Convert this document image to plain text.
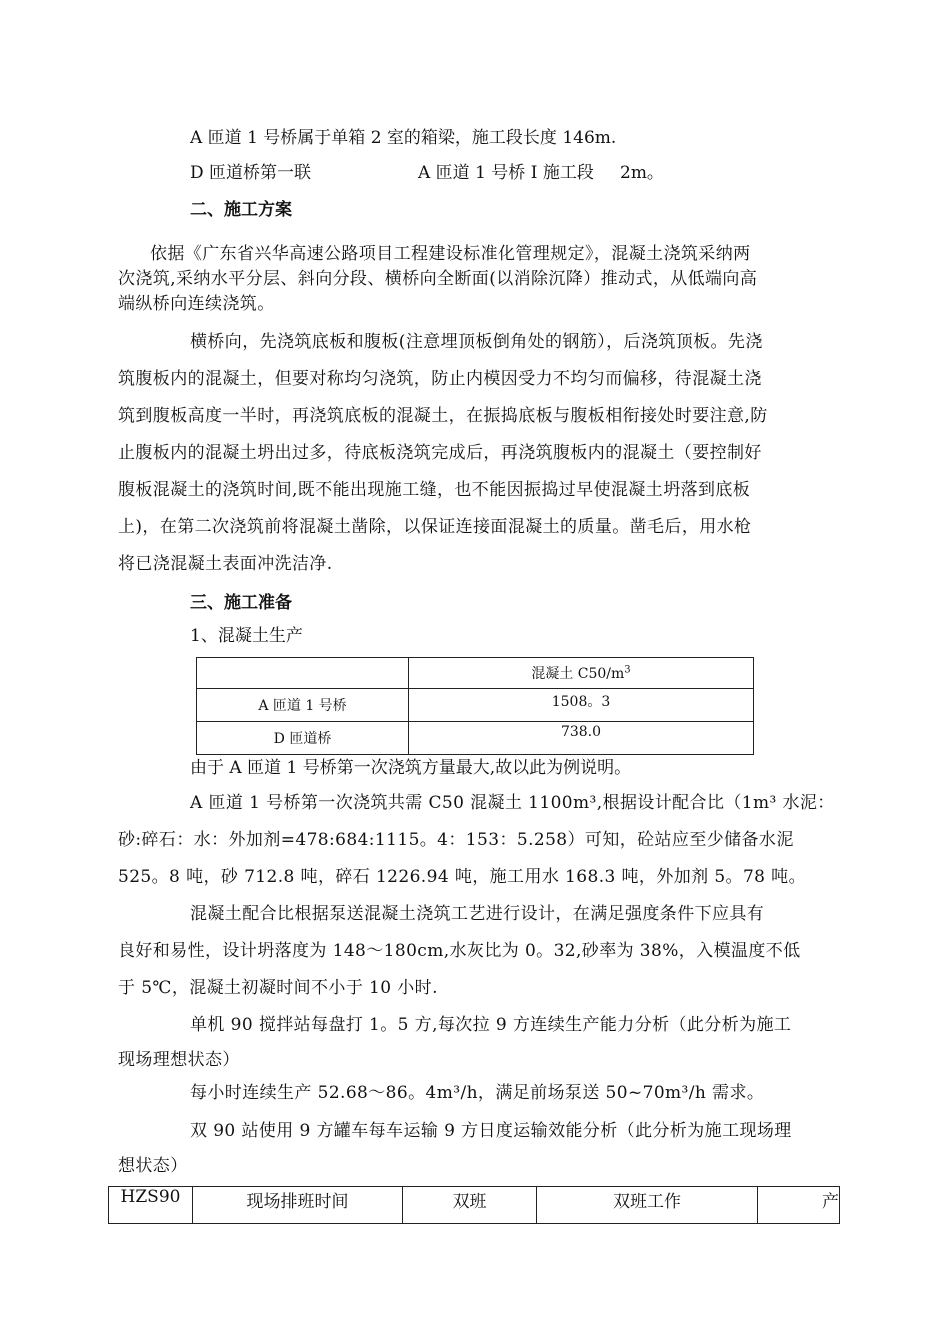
A 匝道 1 号桥属于单箱 2 室的箱梁，施工段长度 146m.
D 匝道桥第一联	A 匝道 1 号桥 Ⅰ 施工段 2m。
二、施工方案
依据《广东省兴华高速公路项目工程建设标准化管理规定》，混凝土浇筑采纳两
次浇筑,采纳水平分层、斜向分段、横桥向全断面(以消除沉降）推动式，从低端向高
端纵桥向连续浇筑。
横桥向，先浇筑底板和腹板(注意埋顶板倒角处的钢筋），后浇筑顶板。先浇
筑腹板内的混凝土，但要对称均匀浇筑，防止内模因受力不均匀而偏移，待混凝土浇
筑到腹板高度一半时，再浇筑底板的混凝土，在振捣底板与腹板相衔接处时要注意,防
止腹板内的混凝土坍出过多，待底板浇筑完成后，再浇筑腹板内的混凝土（要控制好
腹板混凝土的浇筑时间,既不能出现施工缝，也不能因振捣过早使混凝土坍落到底板
上)，在第二次浇筑前将混凝土凿除，以保证连接面混凝土的质量。凿毛后，用水枪
将已浇混凝土表面冲洗洁净.
三、施工准备
1、混凝土生产
	混凝土 $C50/m^3$
A 匝道 1 号桥	1508。3
D 匝道桥	738.0
由于 A 匝道 1 号桥第一次浇筑方量最大,故以此为例说明。
A 匝道 1 号桥第一次浇筑共需 C50 混凝土 1100m³,根据设计配合比（1m³ 水泥：
砂:碎石：水：外加剂=478:684:1115。4：153：5.258）可知，砼站应至少储备水泥
525。8 吨，砂 712.8 吨，碎石 1226.94 吨，施工用水 168.3 吨，外加剂 5。78 吨。
混凝土配合比根据泵送混凝土浇筑工艺进行设计，在满足强度条件下应具有
良好和易性，设计坍落度为 148～180cm,水灰比为 0。32,砂率为 38%，入模温度不低
于 5℃，混凝土初凝时间不小于 10 小时.
单机 90 搅拌站每盘打 1。5 方,每次拉 9 方连续生产能力分析（此分析为施工
现场理想状态）
每小时连续生产 52.68～86。4m³/h，满足前场泵送 50~70m³/h 需求。
双 90 站使用 9 方罐车每车运输 9 方日度运输效能分析（此分析为施工现场理
想状态）
HZS90	现场排班时间	双班	双班工作	产
